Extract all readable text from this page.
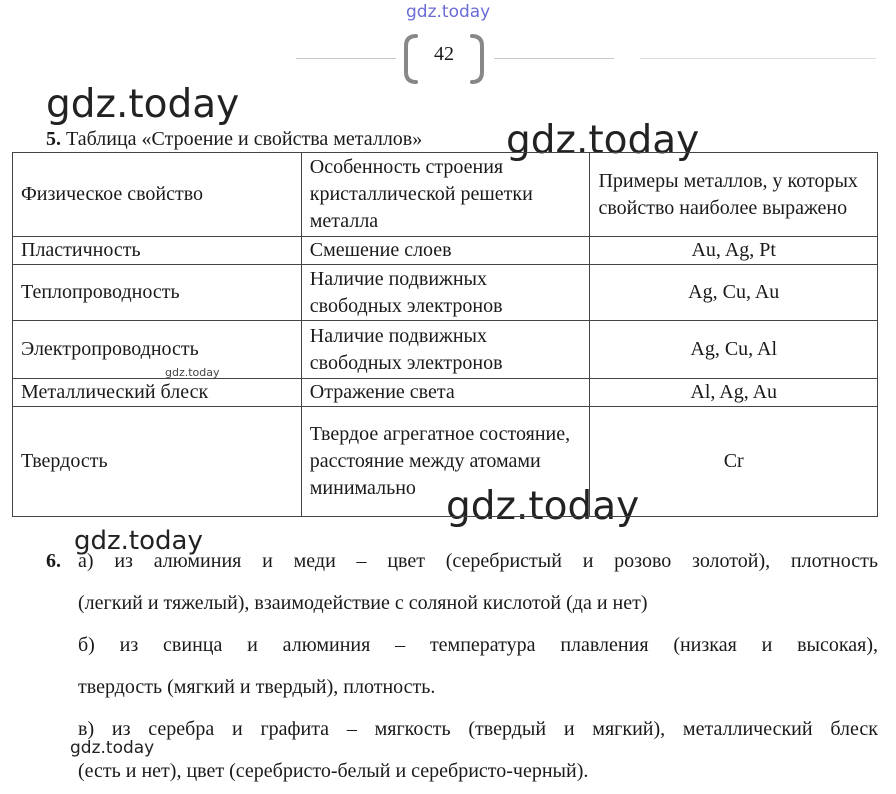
gdz.today
gdz.today
gdz.today
gdz.today
gdz.today
gdz.today
gdz.today
42
5. Таблица «Строение и свойства металлов»
Физическое свойство	Особенность строения кристаллической решетки металла	Примеры металлов, у которых свойство наиболее выражено
Пластичность	Смешение слоев	Au, Ag, Pt
Теплопроводность	Наличие подвижных свободных электронов	Ag, Cu, Au
Электропроводность	Наличие подвижных свободных электронов	Ag, Cu, Al
Металлический блеск	Отражение света	Al, Ag, Au
Твердость	Твердое агрегатное состояние, расстояние между атомами минимально	Cr
6. а) из алюминия и меди – цвет (серебристый и розово золотой), плотность
(легкий и тяжелый), взаимодействие с соляной кислотой (да и нет)
б) из свинца и алюминия – температура плавления (низкая и высокая),
твердость (мягкий и твердый), плотность.
в) из серебра и графита – мягкость (твердый и мягкий), металлический блеск
(есть и нет), цвет (серебристо-белый и серебристо-черный).
